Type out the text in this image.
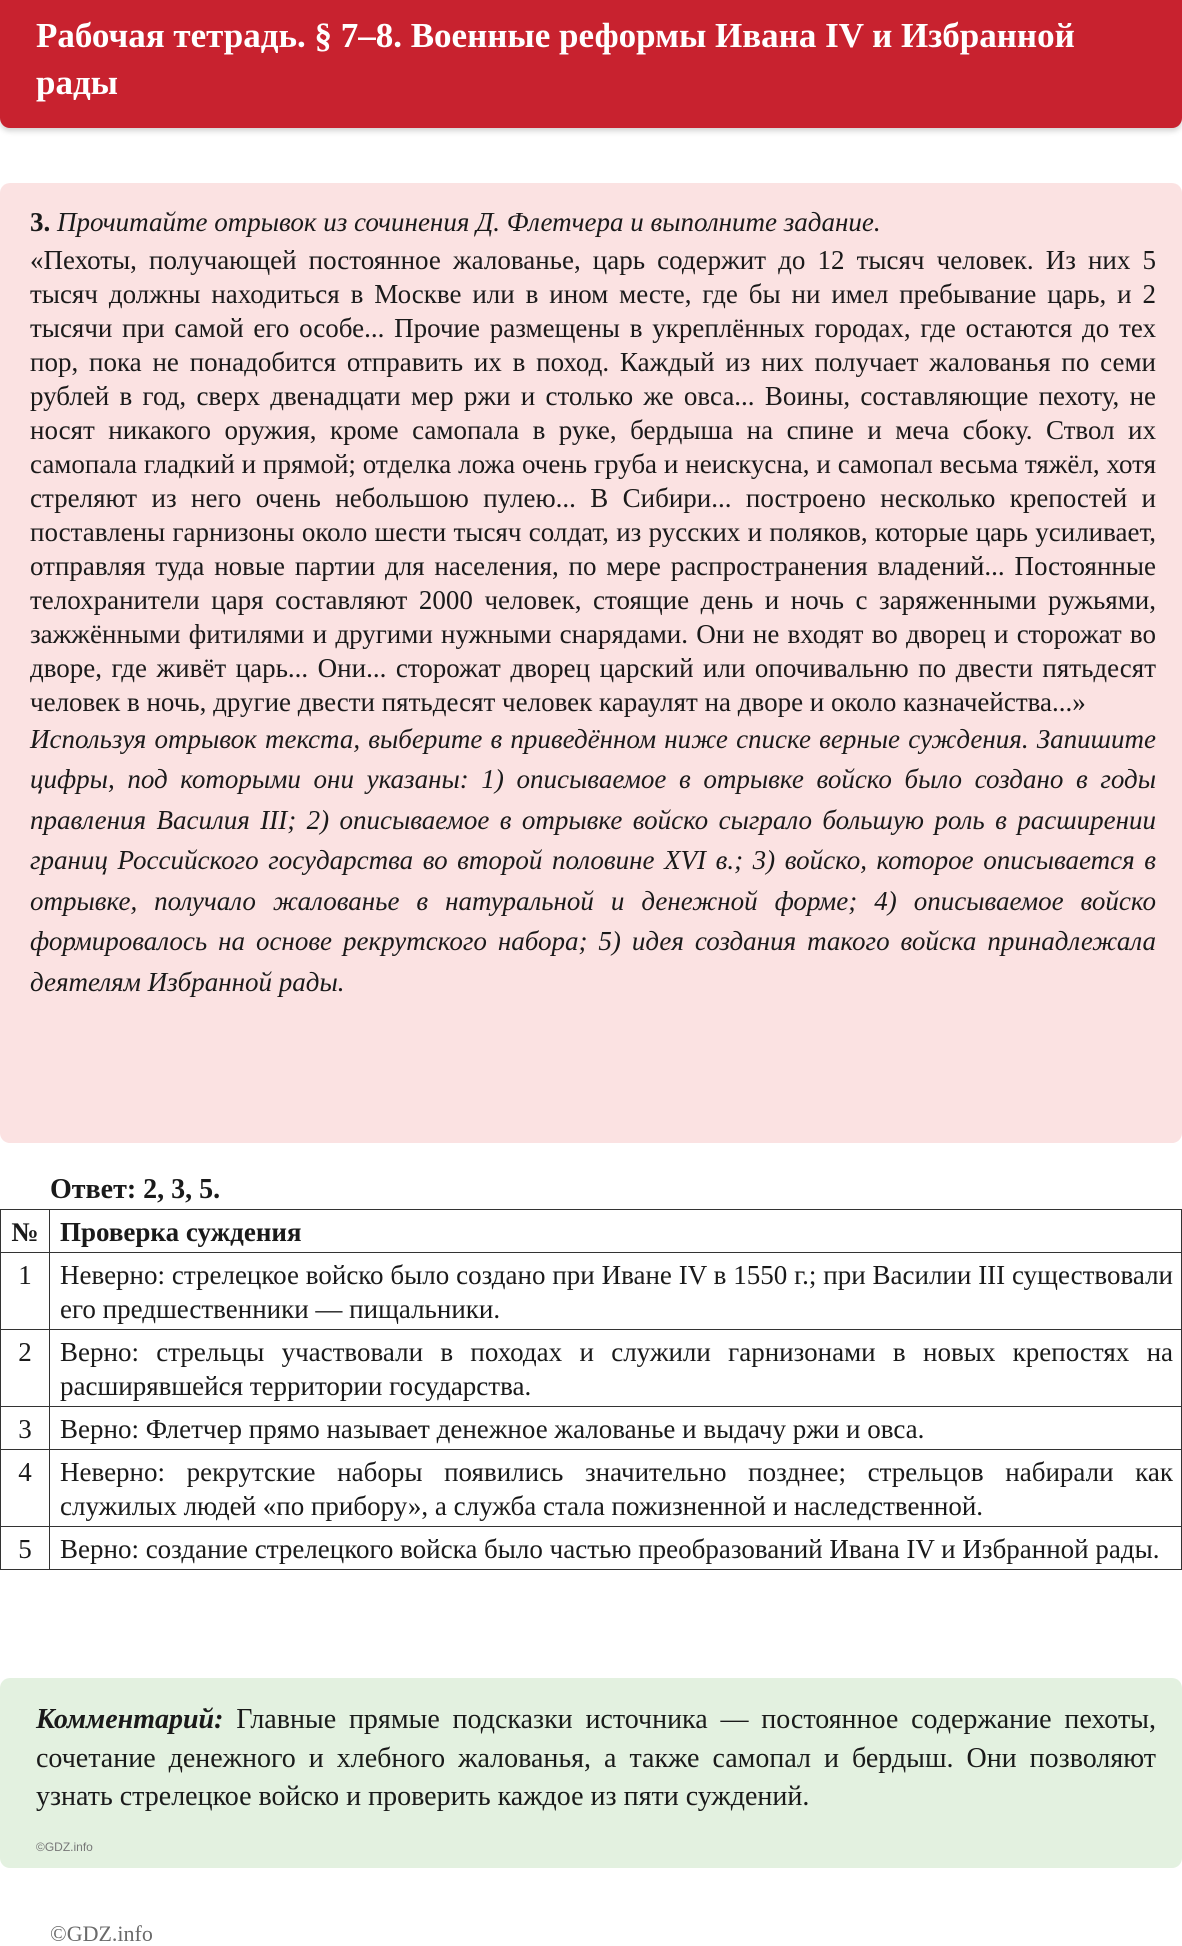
Рабочая тетрадь. § 7–8. Военные реформы Ивана IV и Избранной рады

3. Прочитайте отрывок из сочинения Д. Флетчера и выполните задание.

«Пехоты, получающей постоянное жалованье, царь содержит до 12 тысяч человек. Из них 5 тысяч должны находиться в Москве или в ином месте, где бы ни имел пребывание царь, и 2 тысячи при самой его особе... Прочие размещены в укреплённых городах, где остаются до тех пор, пока не понадобится отправить их в поход. Каждый из них получает жалованья по семи рублей в год, сверх двенадцати мер ржи и столько же овса... Воины, составляющие пехоту, не носят никакого оружия, кроме самопала в руке, бердыша на спине и меча сбоку. Ствол их самопала гладкий и прямой; отделка ложа очень груба и неискусна, и самопал весьма тяжёл, хотя стреляют из него очень небольшою пулею... В Сибири... построено несколько крепостей и поставлены гарнизоны около шести тысяч солдат, из русских и поляков, которые царь усиливает, отправляя туда новые партии для населения, по мере распространения владений... Постоянные телохранители царя составляют 2000 человек, стоящие день и ночь с заряженными ружьями, зажжёнными фитилями и другими нужными снарядами. Они не входят во дворец и сторожат во дворе, где живёт царь... Они... сторожат дворец царский или опочивальню по двести пятьдесят человек в ночь, другие двести пятьдесят человек караулят на дворе и около казначейства...»

Используя отрывок текста, выберите в приведённом ниже списке верные суждения. Запишите цифры, под которыми они указаны: 1) описываемое в отрывке войско было создано в годы правления Василия III; 2) описываемое в отрывке войско сыграло большую роль в расширении границ Российского государства во второй половине XVI в.; 3) войско, которое описывается в отрывке, получало жалованье в натуральной и денежной форме; 4) описываемое войско формировалось на основе рекрутского набора; 5) идея создания такого войска принадлежала деятелям Избранной рады.

Ответ: 2, 3, 5.

№	Проверка суждения
1	Неверно: стрелецкое войско было создано при Иване IV в 1550 г.; при Василии III существовали его предшественники — пищальники.
2	Верно: стрельцы участвовали в походах и служили гарнизонами в новых крепостях на расширявшейся территории государства.
3	Верно: Флетчер прямо называет денежное жалованье и выдачу ржи и овса.
4	Неверно: рекрутские наборы появились значительно позднее; стрельцов набирали как служилых людей «по прибору», а служба стала пожизненной и наследственной.
5	Верно: создание стрелецкого войска было частью преобразований Ивана IV и Избранной рады.

Комментарий: Главные прямые подсказки источника — постоянное содержание пехоты, сочетание денежного и хлебного жалованья, а также самопал и бердыш. Они позволяют узнать стрелецкое войско и проверить каждое из пяти суждений.

©GDZ.info
©GDZ.info
